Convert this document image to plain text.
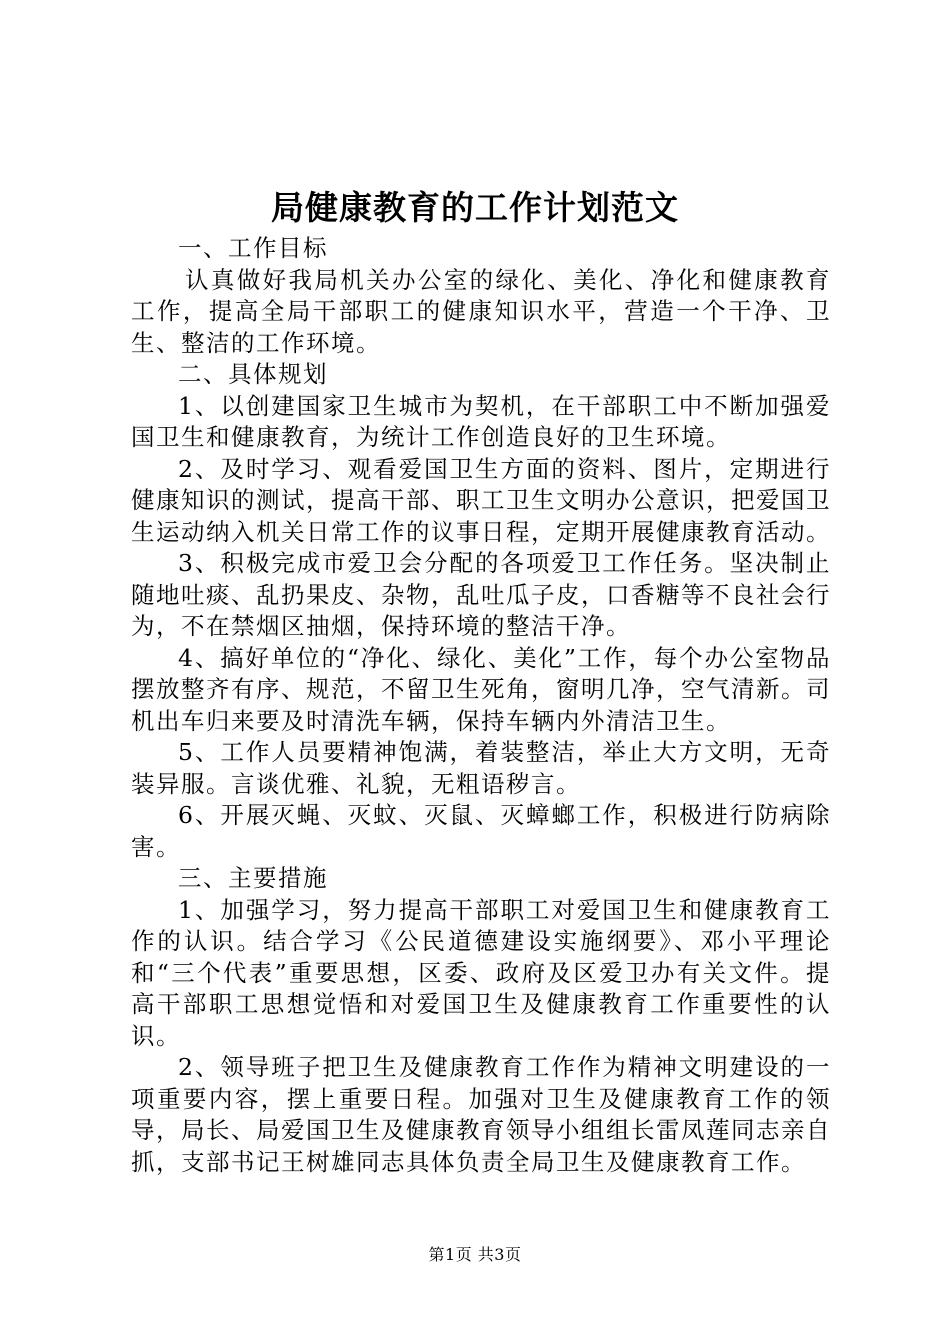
局健康教育的工作计划范文

一、工作目标

认真做好我局机关办公室的绿化、美化、净化和健康教育工作，提高全局干部职工的健康知识水平，营造一个干净、卫生、整洁的工作环境。

二、具体规划

1、以创建国家卫生城市为契机，在干部职工中不断加强爱国卫生和健康教育，为统计工作创造良好的卫生环境。

2、及时学习、观看爱国卫生方面的资料、图片，定期进行健康知识的测试，提高干部、职工卫生文明办公意识，把爱国卫生运动纳入机关日常工作的议事日程，定期开展健康教育活动。

3、积极完成市爱卫会分配的各项爱卫工作任务。坚决制止随地吐痰、乱扔果皮、杂物，乱吐瓜子皮，口香糖等不良社会行为，不在禁烟区抽烟，保持环境的整洁干净。

4、搞好单位的“净化、绿化、美化”工作，每个办公室物品摆放整齐有序、规范，不留卫生死角，窗明几净，空气清新。司机出车归来要及时清洗车辆，保持车辆内外清洁卫生。

5、工作人员要精神饱满，着装整洁，举止大方文明，无奇装异服。言谈优雅、礼貌，无粗语秽言。

6、开展灭蝇、灭蚊、灭鼠、灭蟑螂工作，积极进行防病除害。

三、主要措施

1、加强学习，努力提高干部职工对爱国卫生和健康教育工作的认识。结合学习《公民道德建设实施纲要》、邓小平理论和“三个代表”重要思想，区委、政府及区爱卫办有关文件。提高干部职工思想觉悟和对爱国卫生及健康教育工作重要性的认识。

2、领导班子把卫生及健康教育工作作为精神文明建设的一项重要内容，摆上重要日程。加强对卫生及健康教育工作的领导，局长、局爱国卫生及健康教育领导小组组长雷凤莲同志亲自抓，支部书记王树雄同志具体负责全局卫生及健康教育工作。

第1页 共3页
